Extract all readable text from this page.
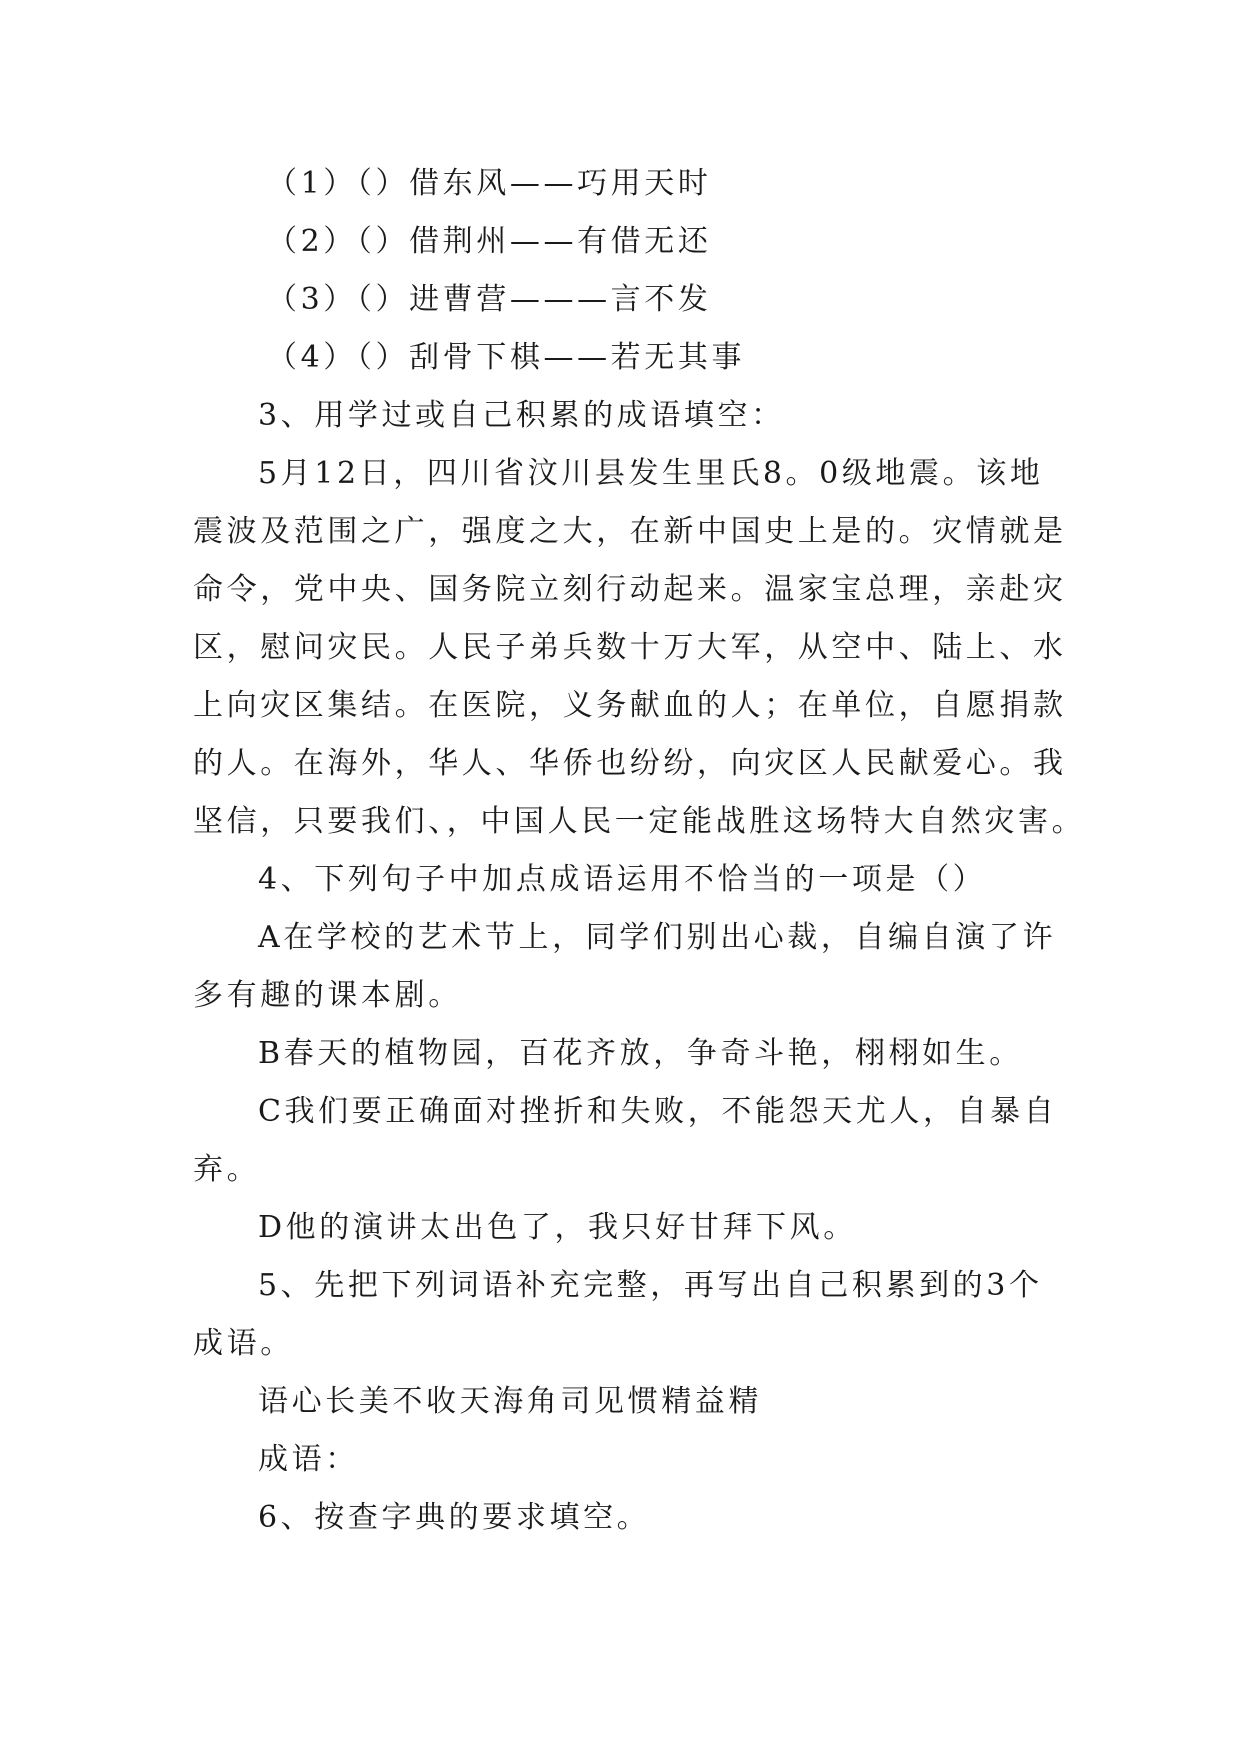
（1）（）借东风——巧用天时
（2）（）借荆州——有借无还
（3）（）进曹营———言不发
（4）（）刮骨下棋——若无其事
3、用学过或自己积累的成语填空：
5月12日，四川省汶川县发生里氏8。0级地震。该地
震波及范围之广，强度之大，在新中国史上是的。灾情就是
命令，党中央、国务院立刻行动起来。温家宝总理，亲赴灾
区，慰问灾民。人民子弟兵数十万大军，从空中、陆上、水
上向灾区集结。在医院，义务献血的人；在单位，自愿捐款
的人。在海外，华人、华侨也纷纷，向灾区人民献爱心。我
坚信，只要我们、，中国人民一定能战胜这场特大自然灾害。
4、下列句子中加点成语运用不恰当的一项是（）
A在学校的艺术节上，同学们别出心裁，自编自演了许
多有趣的课本剧。
B春天的植物园，百花齐放，争奇斗艳，栩栩如生。
C我们要正确面对挫折和失败，不能怨天尤人，自暴自
弃。
D他的演讲太出色了，我只好甘拜下风。
5、先把下列词语补充完整，再写出自己积累到的3个
成语。
语心长美不收天海角司见惯精益精
成语：
6、按查字典的要求填空。
